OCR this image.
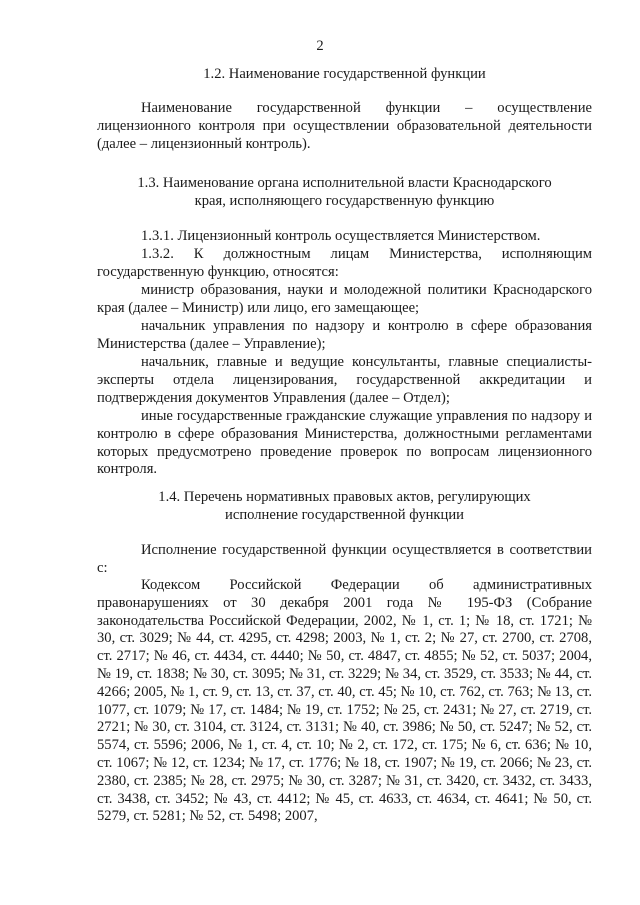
2
1.2. Наименование государственной функции

Наименование государственной функции – осуществление лицензионного контроля при осуществлении образовательной деятельности (далее – лицензионный контроль).

1.3. Наименование органа исполнительной власти Краснодарского
края, исполняющего государственную функцию

1.3.1. Лицензионный контроль осуществляется Министерством.

1.3.2. К должностным лицам Министерства, исполняющим государственную функцию, относятся:

министр образования, науки и молодежной политики Краснодарского края (далее – Министр) или лицо, его замещающее;

начальник управления по надзору и контролю в сфере образования Министерства (далее – Управление);

начальник, главные и ведущие консультанты, главные специалисты-эксперты отдела лицензирования, государственной аккредитации и подтверждения документов Управления (далее – Отдел);

иные государственные гражданские служащие управления по надзору и контролю в сфере образования Министерства, должностными регламентами которых предусмотрено проведение проверок по вопросам лицензионного контроля.

1.4. Перечень нормативных правовых актов, регулирующих
исполнение государственной функции

Исполнение государственной функции осуществляется в соответствии с:

Кодексом Российской Федерации об административных правонарушениях от 30 декабря 2001 года № 195-ФЗ (Собрание законодательства Российской Федерации, 2002, № 1, ст. 1; № 18, ст. 1721; № 30, ст. 3029; № 44, ст. 4295, ст. 4298; 2003, № 1, ст. 2; № 27, ст. 2700, ст. 2708, ст. 2717; № 46, ст. 4434, ст. 4440; № 50, ст. 4847, ст. 4855; № 52, ст. 5037; 2004, № 19, ст. 1838; № 30, ст. 3095; № 31, ст. 3229; № 34, ст. 3529, ст. 3533; № 44, ст. 4266; 2005, № 1, ст. 9, ст. 13, ст. 37, ст. 40, ст. 45; № 10, ст. 762, ст. 763; № 13, ст. 1077, ст. 1079; № 17, ст. 1484; № 19, ст. 1752; № 25, ст. 2431; № 27, ст. 2719, ст. 2721; № 30, ст. 3104, ст. 3124, ст. 3131; № 40, ст. 3986; № 50, ст. 5247; № 52, ст. 5574, ст. 5596; 2006, № 1, ст. 4, ст. 10; № 2, ст. 172, ст. 175; № 6, ст. 636; № 10, ст. 1067; № 12, ст. 1234; № 17, ст. 1776; № 18, ст. 1907; № 19, ст. 2066; № 23, ст. 2380, ст. 2385; № 28, ст. 2975; № 30, ст. 3287; № 31, ст. 3420, ст. 3432, ст. 3433, ст. 3438, ст. 3452; № 43, ст. 4412; № 45, ст. 4633, ст. 4634, ст. 4641; № 50, ст. 5279, ст. 5281; № 52, ст. 5498; 2007,
